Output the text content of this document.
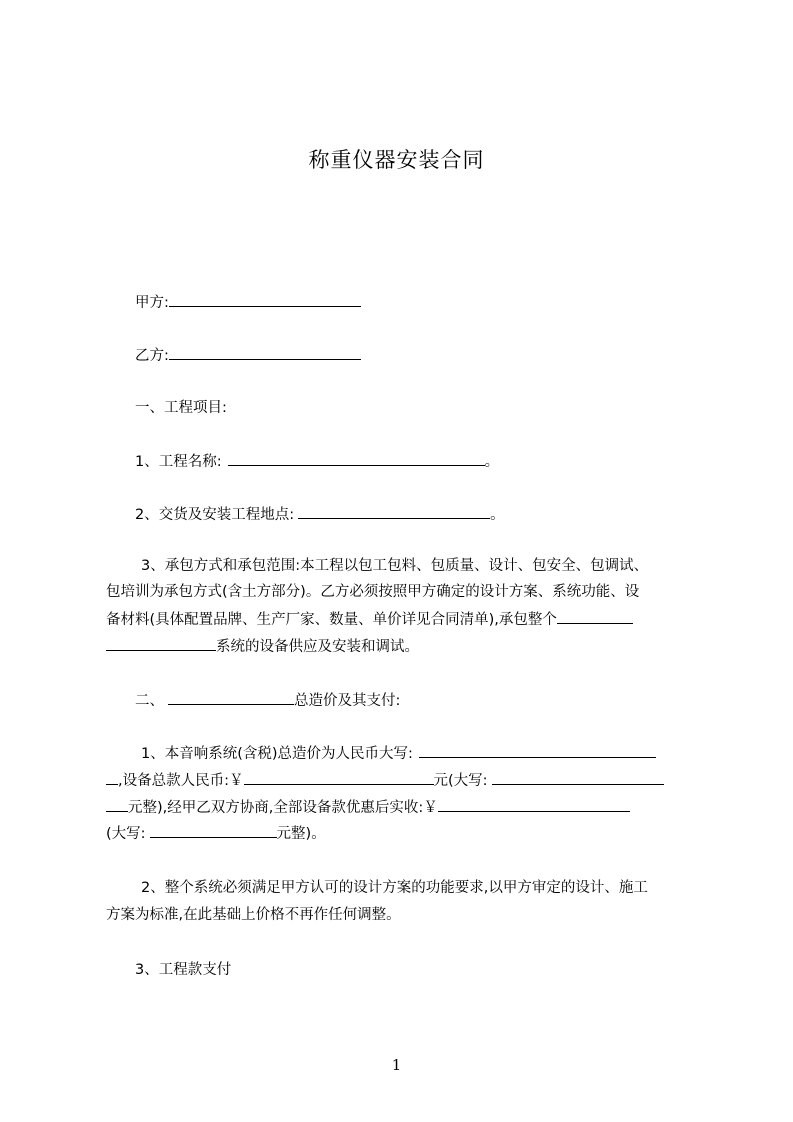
称重仪器安装合同
甲方:
乙方:
一、工程项目:
1、工程名称:	。
2、交货及安装工程地点:	。
3、承包方式和承包范围:本工程以包工包料、包质量、设计、包安全、包调试、
包培训为承包方式(含土方部分)。乙方必须按照甲方确定的设计方案、系统功能、设
备材料(具体配置品牌、生产厂家、数量、单价详见合同清单),承包整个
系统的设备供应及安装和调试。
二、	总造价及其支付:
1、本音响系统(含税)总造价为人民币大写:
,设备总款人民币:￥	元(大写:
元整),经甲乙双方协商,全部设备款优惠后实收:￥
(大写:	元整)。
2、整个系统必须满足甲方认可的设计方案的功能要求,以甲方审定的设计、施工
方案为标准,在此基础上价格不再作任何调整。
3、工程款支付
1
